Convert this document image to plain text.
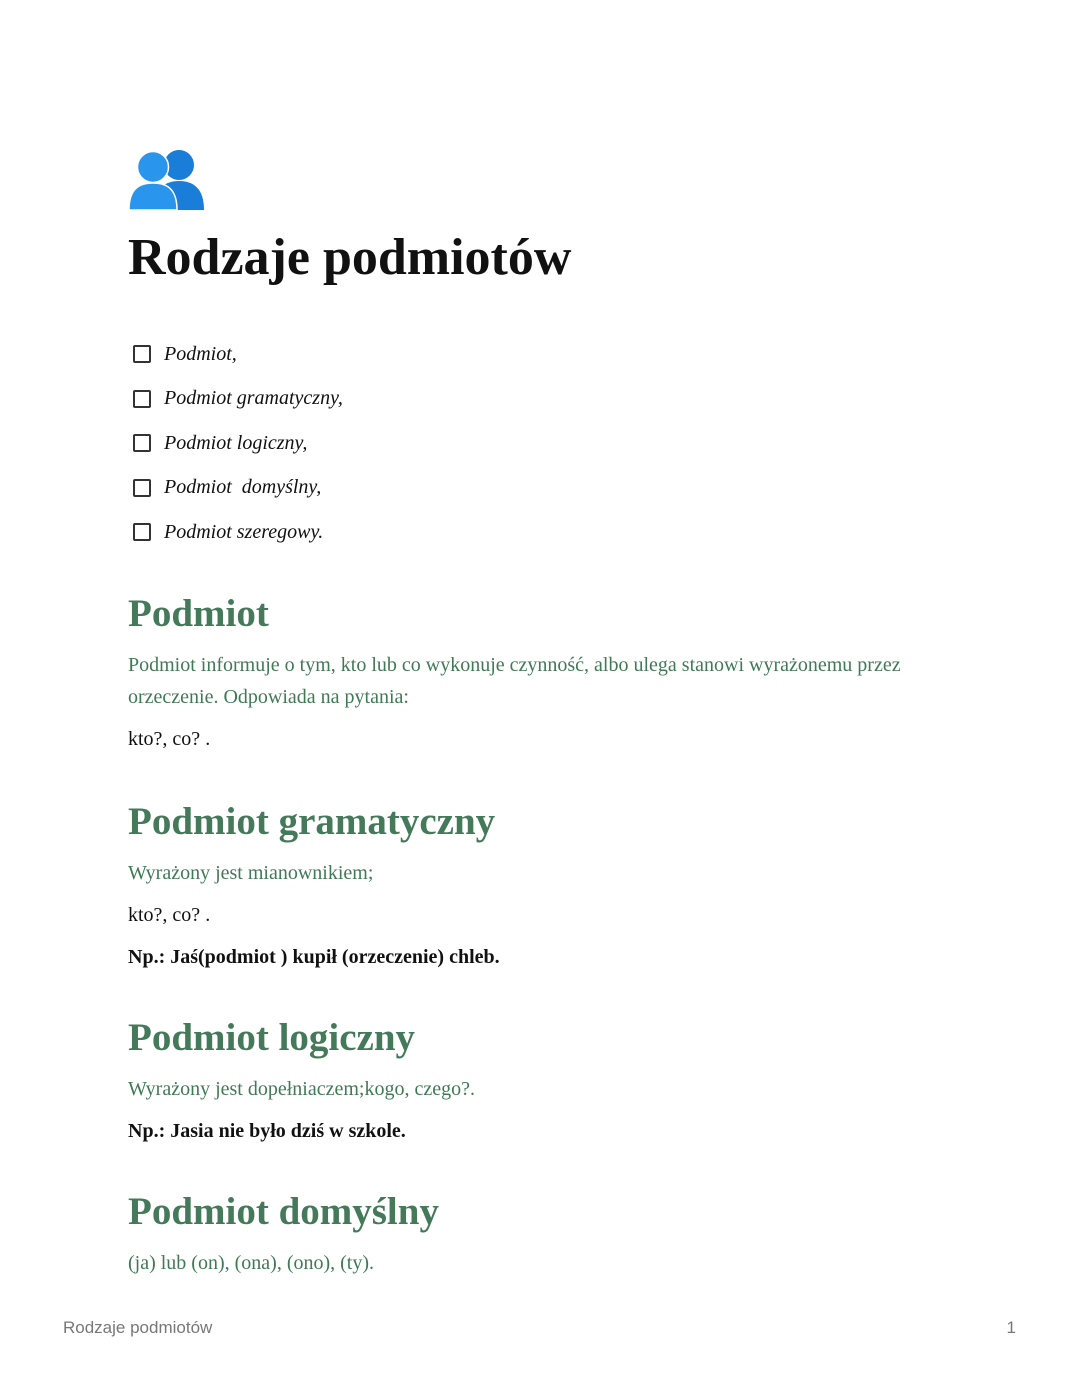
Rodzaje podmiotów
Podmiot,
Podmiot gramatyczny,
Podmiot logiczny,
Podmiot  domyślny,
Podmiot szeregowy.
Podmiot

Podmiot informuje o tym, kto lub co wykonuje czynność, albo ulega stanowi wyrażonemu przez orzeczenie. Odpowiada na pytania:

kto?, co? .

Podmiot gramatyczny

Wyrażony jest mianownikiem;

kto?, co? .

Np.: Jaś(podmiot ) kupił (orzeczenie) chleb.

Podmiot logiczny

Wyrażony jest dopełniaczem;kogo, czego?.

Np.: Jasia nie było dziś w szkole.

Podmiot domyślny

(ja) lub (on), (ona), (ono), (ty).

Rodzaje podmiotów	1
